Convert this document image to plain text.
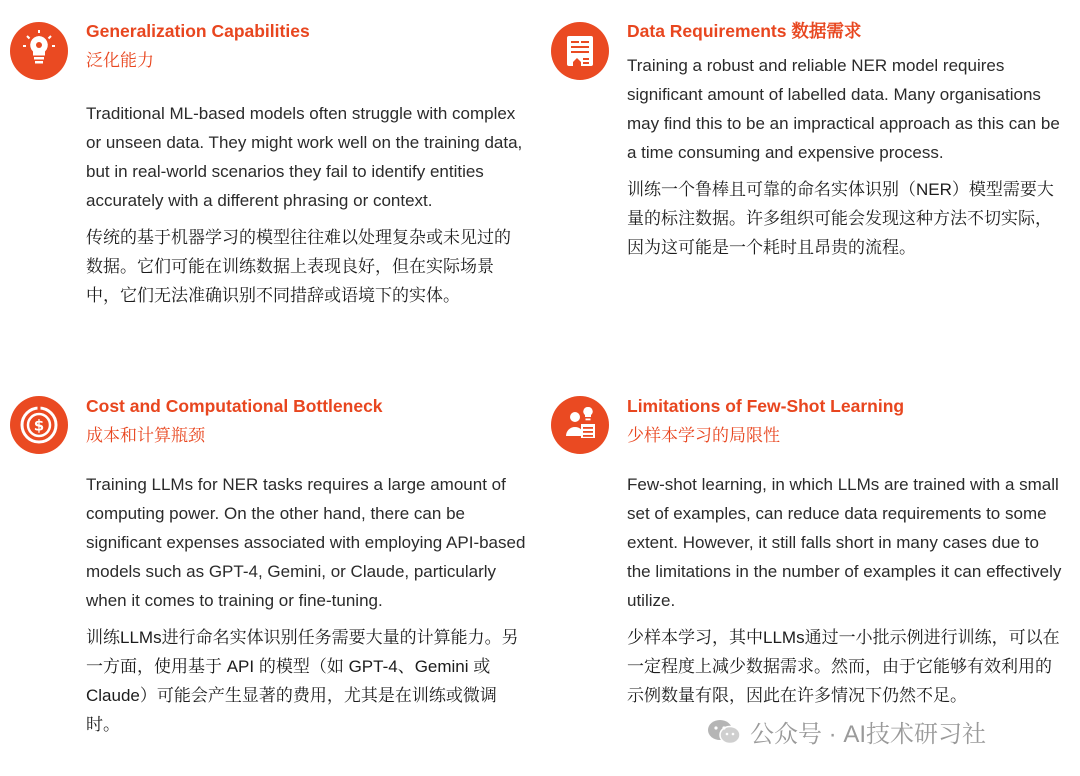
Generalization Capabilities
泛化能力

Traditional ML-based models often struggle with complex or unseen data. They might work well on the training data, but in real-world scenarios they fail to identify entities accurately with a different phrasing or context.

传统的基于机器学习的模型往往难以处理复杂或未见过的数据。它们可能在训练数据上表现良好，但在实际场景中，它们无法准确识别不同措辞或语境下的实体。

Data Requirements 数据需求

Training a robust and reliable NER model requires significant amount of labelled data. Many organisations may find this to be an impractical approach as this can be a time consuming and expensive process.

训练一个鲁棒且可靠的命名实体识别（NER）模型需要大量的标注数据。许多组织可能会发现这种方法不切实际，因为这可能是一个耗时且昂贵的流程。

$
Cost and Computational Bottleneck
成本和计算瓶颈

Training LLMs for NER tasks requires a large amount of computing power. On the other hand, there can be significant expenses associated with employing API-based models such as GPT-4, Gemini, or Claude, particularly when it comes to training or fine-tuning.

训练LLMs进行命名实体识别任务需要大量的计算能力。另一方面，使用基于 API 的模型（如 GPT-4、Gemini 或 Claude）可能会产生显著的费用，尤其是在训练或微调时。

Limitations of Few-Shot Learning
少样本学习的局限性

Few-shot learning, in which LLMs are trained with a small set of examples, can reduce data requirements to some extent. However, it still falls short in many cases due to the limitations in the number of examples it can effectively utilize.

少样本学习，其中LLMs通过一小批示例进行训练，可以在一定程度上减少数据需求。然而，由于它能够有效利用的示例数量有限，因此在许多情况下仍然不足。

公众号 · AI技术研习社
